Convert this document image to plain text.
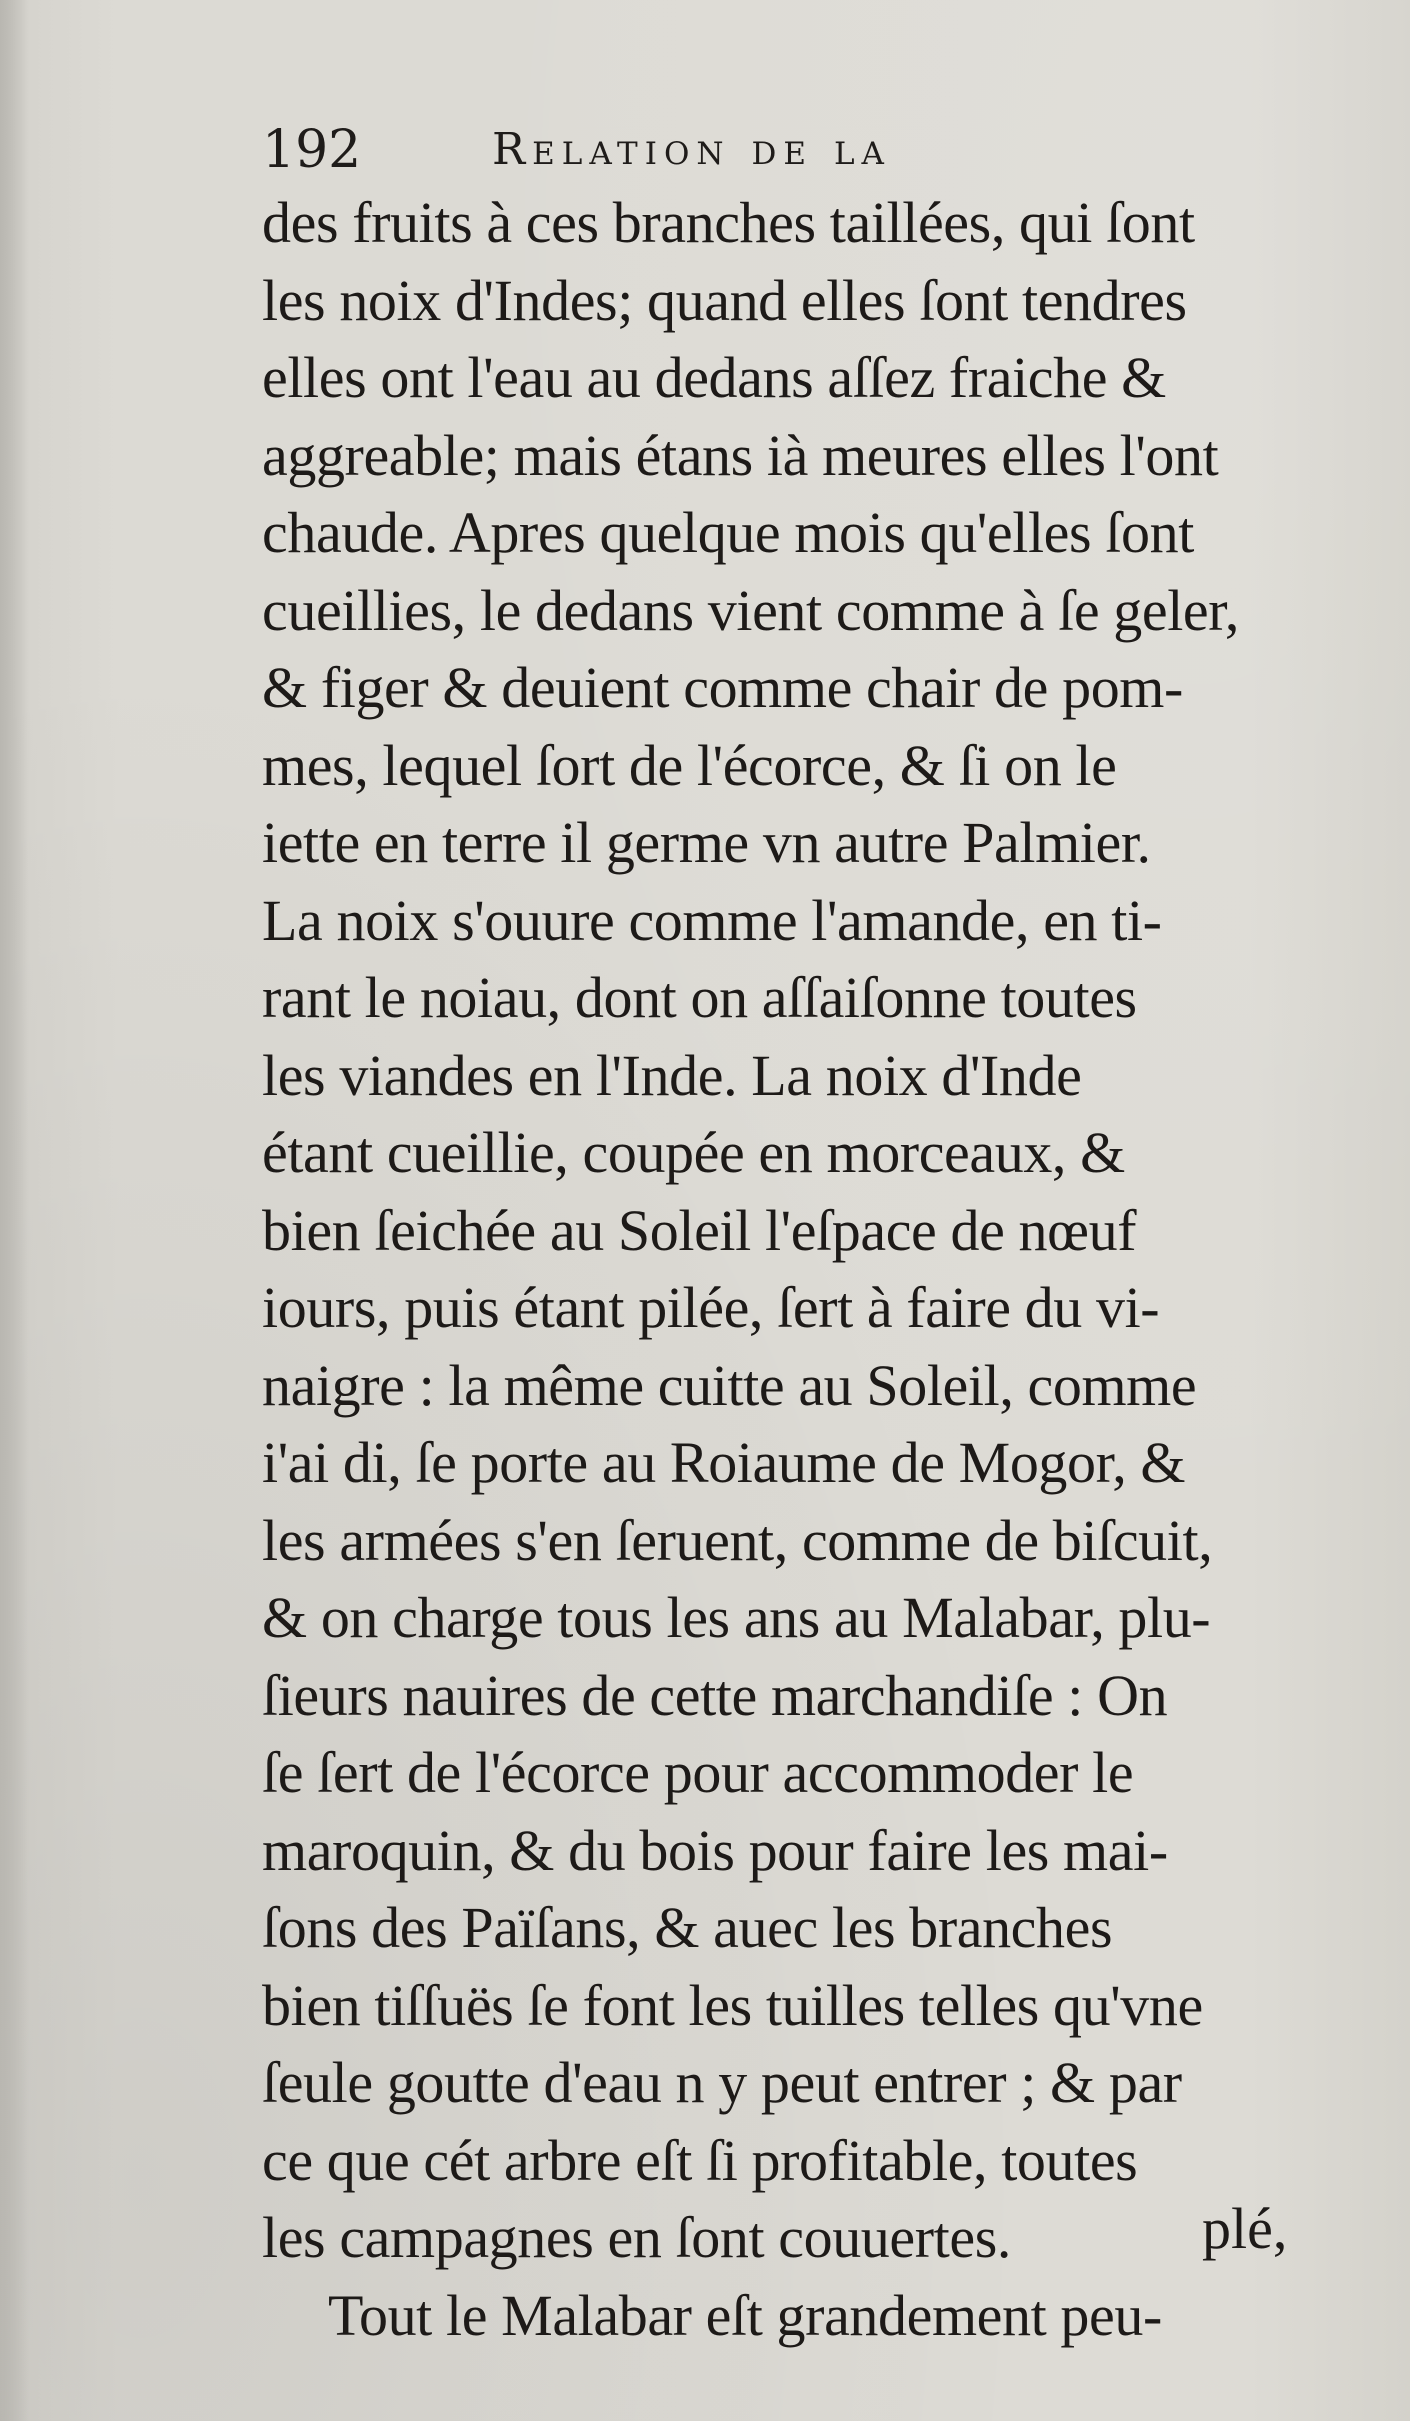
192	Relation de la
des fruits à ces branches taillées, qui ſont
les noix d'Indes; quand elles ſont tendres
elles ont l'eau au dedans aſſez fraiche &
aggreable; mais étans ià meures elles l'ont
chaude. Apres quelque mois qu'elles ſont
cueillies, le dedans vient comme à ſe geler,
& figer & deuient comme chair de pom-
mes, lequel ſort de l'écorce, & ſi on le
iette en terre il germe vn autre Palmier.
La noix s'ouure comme l'amande, en ti-
rant le noiau, dont on aſſaiſonne toutes
les viandes en l'Inde. La noix d'Inde
étant cueillie, coupée en morceaux, &
bien ſeichée au Soleil l'eſpace de nœuf
iours, puis étant pilée, ſert à faire du vi-
naigre : la même cuitte au Soleil, comme
i'ai di, ſe porte au Roiaume de Mogor, &
les armées s'en ſeruent, comme de biſcuit,
& on charge tous les ans au Malabar, plu-
ſieurs nauires de cette marchandiſe : On
ſe ſert de l'écorce pour accommoder le
maroquin, & du bois pour faire les mai-
ſons des Païſans, & auec les branches
bien tiſſuës ſe font les tuilles telles qu'vne
ſeule goutte d'eau n y peut entrer ; & par
ce que cét arbre eſt ſi profitable, toutes
les campagnes en ſont couuertes.
Tout le Malabar eſt grandement peu-
plé,
